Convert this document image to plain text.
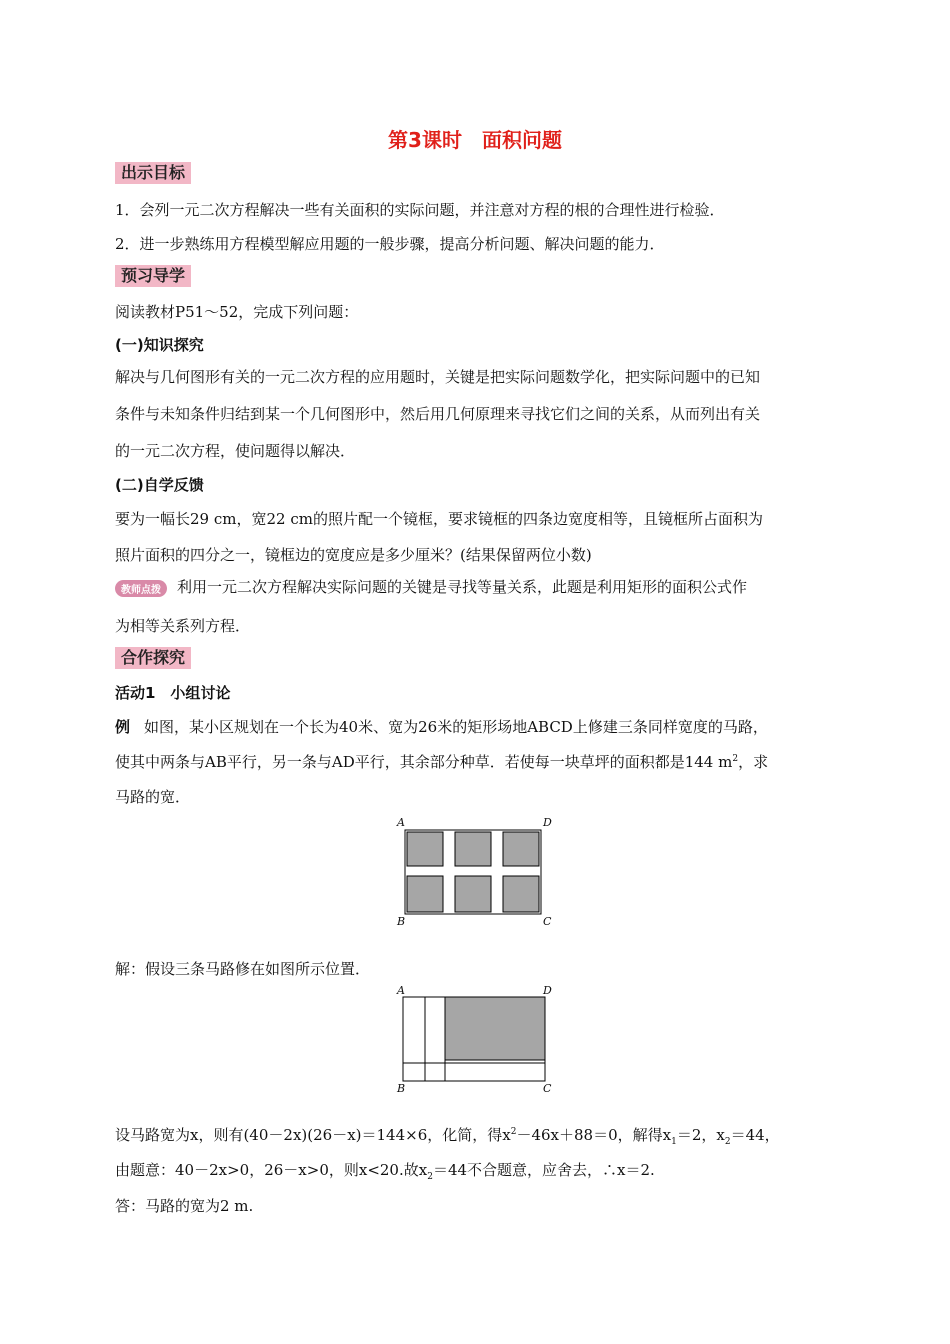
第3课时　面积问题
出示目标
1．会列一元二次方程解决一些有关面积的实际问题，并注意对方程的根的合理性进行检验．
2．进一步熟练用方程模型解应用题的一般步骤，提高分析问题、解决问题的能力．
预习导学
阅读教材P51～52，完成下列问题：
(一)知识探究
解决与几何图形有关的一元二次方程的应用题时，关键是把实际问题数学化，把实际问题中的已知
条件与未知条件归结到某一个几何图形中，然后用几何原理来寻找它们之间的关系，从而列出有关
的一元二次方程，使问题得以解决．
(二)自学反馈
要为一幅长29 cm，宽22 cm的照片配一个镜框，要求镜框的四条边宽度相等，且镜框所占面积为
照片面积的四分之一，镜框边的宽度应是多少厘米？(结果保留两位小数)
教师点拨 利用一元二次方程解决实际问题的关键是寻找等量关系，此题是利用矩形的面积公式作
为相等关系列方程．
合作探究
活动1　小组讨论
例 如图，某小区规划在一个长为40米、宽为26米的矩形场地ABCD上修建三条同样宽度的马路，
使其中两条与AB平行，另一条与AD平行，其余部分种草．若使每一块草坪的面积都是144 $m^2$，求
马路的宽．
A	D
B	C
解：假设三条马路修在如图所示位置．
A	D
B	C
设马路宽为x，则有(40－2x)(26－x)＝144×6，化简，得$x^2-46x+88=0$，解得$x_1=2$，$x_2=44$，
由题意：40－2x>0，26－x>0，则x<20.故$x_2=44$不合题意，应舍去，∴x＝2.
答：马路的宽为2 m.
